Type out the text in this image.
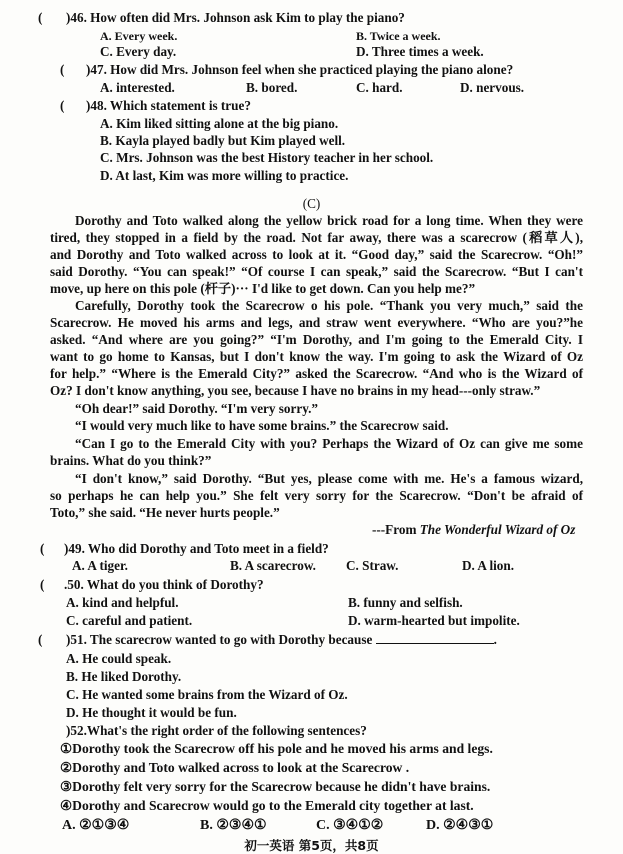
( )46. How often did Mrs. Johnson ask Kim to play the piano?
A. Every week.	B. Twice a week.
C. Every day.	D. Three times a week.
( )47. How did Mrs. Johnson feel when she practiced playing the piano alone?
A. interested.	B. bored.	C. hard.	D. nervous.
( )48. Which statement is true?
A. Kim liked sitting alone at the big piano.
B. Kayla played badly but Kim played well.
C. Mrs. Johnson was the best History teacher in her school.
D. At last, Kim was more willing to practice.
(C)
Dorothy and Toto walked along the yellow brick road for a long time. When they were
tired, they stopped in a field by the road. Not far away, there was a scarecrow (稻草人),
and Dorothy and Toto walked across to look at it. “Good day,” said the Scarecrow. “Oh!”
said Dorothy. “You can speak!” “Of course I can speak,” said the Scarecrow. “But I can't
move, up here on this pole (杆子)··· I'd like to get down. Can you help me?”
Carefully, Dorothy took the Scarecrow o his pole. “Thank you very much,” said the
Scarecrow. He moved his arms and legs, and straw went everywhere. “Who are you?”he
asked. “And where are you going?” “I'm Dorothy, and I'm going to the Emerald City. I
want to go home to Kansas, but I don't know the way. I'm going to ask the Wizard of Oz
for help.” “Where is the Emerald City?” asked the Scarecrow. “And who is the Wizard of
Oz? I don't know anything, you see, because I have no brains in my head---only straw.”
“Oh dear!” said Dorothy. “I'm very sorry.”
“I would very much like to have some brains.” the Scarecrow said.
“Can I go to the Emerald City with you? Perhaps the Wizard of Oz can give me some
brains. What do you think?”
“I don't know,” said Dorothy. “But yes, please come with me. He's a famous wizard,
so perhaps he can help you.” She felt very sorry for the Scarecrow. “Don't be afraid of
Toto,” she said. “He never hurts people.”
---From The Wonderful Wizard of Oz
( )49. Who did Dorothy and Toto meet in a field?
A. A tiger.	B. A scarecrow. C. Straw.	D. A lion.
( .50. What do you think of Dorothy?
A. kind and helpful.	B. funny and selfish.
C. careful and patient.	D. warm-hearted but impolite.
( )51. The scarecrow wanted to go with Dorothy because	.
A. He could speak.
B. He liked Dorothy.
C. He wanted some brains from the Wizard of Oz.
D. He thought it would be fun.
)52.What's the right order of the following sentences?
①Dorothy took the Scarecrow off his pole and he moved his arms and legs.
②Dorothy and Toto walked across to look at the Scarecrow .
③Dorothy felt very sorry for the Scarecrow because he didn't have brains.
④Dorothy and Scarecrow would go to the Emerald city together at last.
A. ②①③④	B. ②③④①	C. ③④①②	D. ②④③①
初一英语 第5页，共8页
